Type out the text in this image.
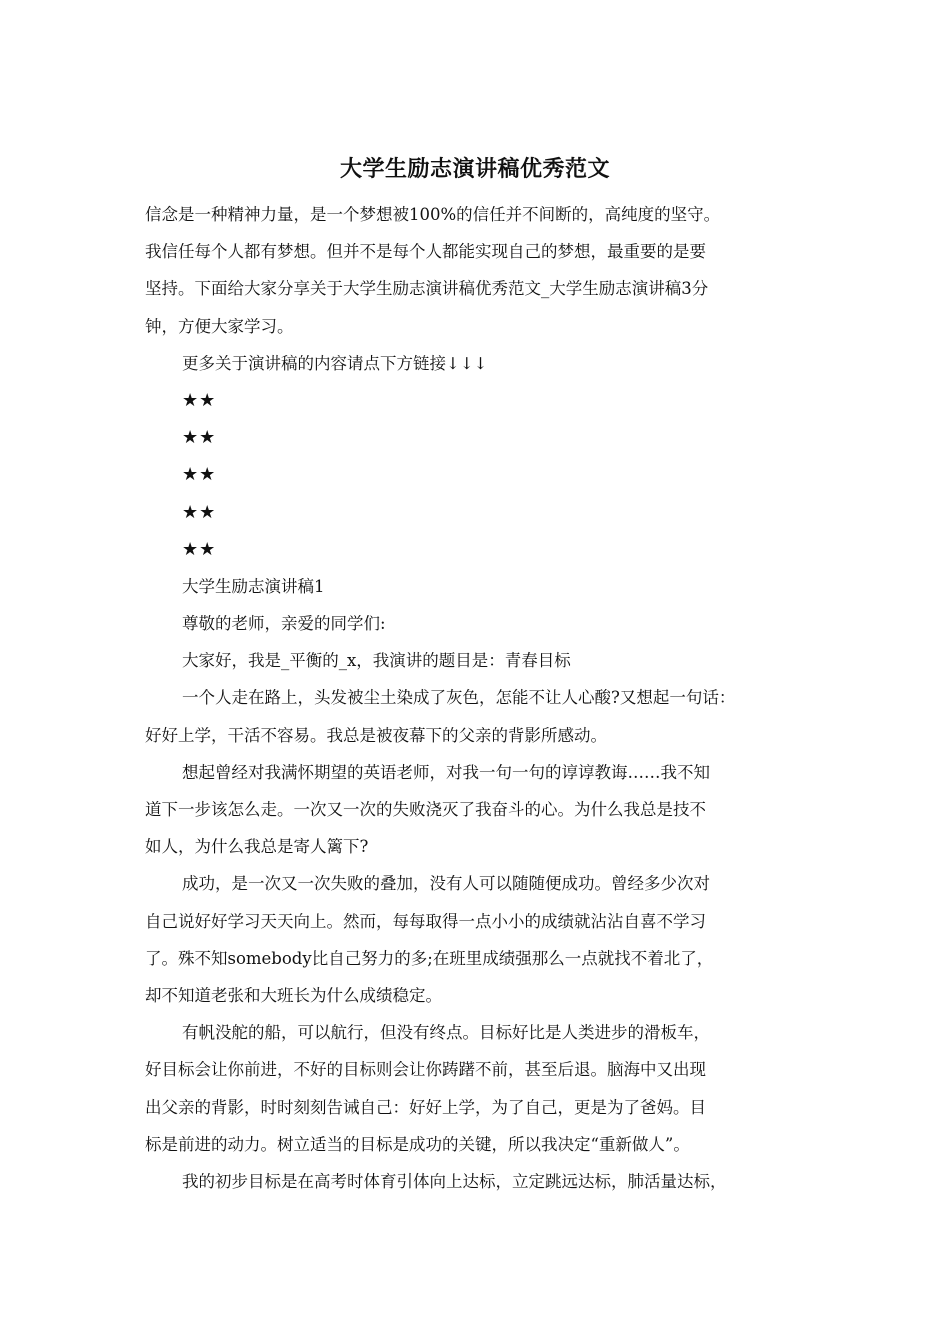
大学生励志演讲稿优秀范文
信念是一种精神力量，是一个梦想被100%的信任并不间断的，高纯度的坚守。
我信任每个人都有梦想。但并不是每个人都能实现自己的梦想，最重要的是要
坚持。下面给大家分享关于大学生励志演讲稿优秀范文_大学生励志演讲稿3分
钟，方便大家学习。
更多关于演讲稿的内容请点下方链接↓↓↓
★★
★★
★★
★★
★★
大学生励志演讲稿1
尊敬的老师，亲爱的同学们:
大家好，我是_平衡的_x，我演讲的题目是：青春目标
一个人走在路上，头发被尘土染成了灰色，怎能不让人心酸?又想起一句话：
好好上学，干活不容易。我总是被夜幕下的父亲的背影所感动。
想起曾经对我满怀期望的英语老师，对我一句一句的谆谆教诲……我不知
道下一步该怎么走。一次又一次的失败浇灭了我奋斗的心。为什么我总是技不
如人，为什么我总是寄人篱下?
成功，是一次又一次失败的叠加，没有人可以随随便成功。曾经多少次对
自己说好好学习天天向上。然而，每每取得一点小小的成绩就沾沾自喜不学习
了。殊不知somebody比自己努力的多;在班里成绩强那么一点就找不着北了，
却不知道老张和大班长为什么成绩稳定。
有帆没舵的船，可以航行，但没有终点。目标好比是人类进步的滑板车，
好目标会让你前进，不好的目标则会让你踌躇不前，甚至后退。脑海中又出现
出父亲的背影，时时刻刻告诫自己：好好上学，为了自己，更是为了爸妈。目
标是前进的动力。树立适当的目标是成功的关键，所以我决定“重新做人”。
我的初步目标是在高考时体育引体向上达标，立定跳远达标，肺活量达标，
